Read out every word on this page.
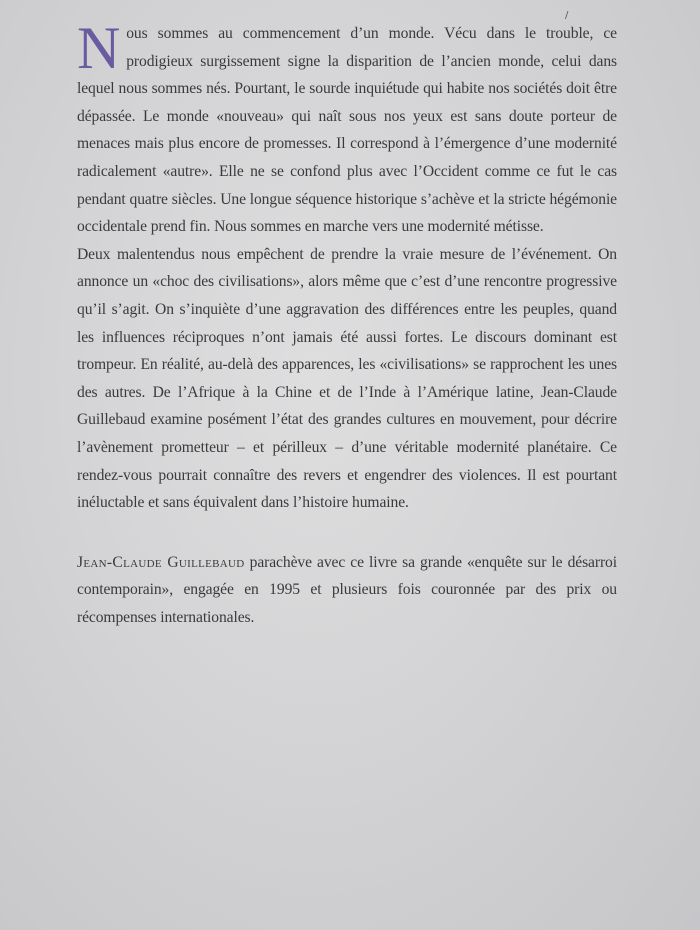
/

Nous sommes au commencement d’un monde. Vécu dans le trouble, ce prodigieux surgissement signe la disparition de l’ancien monde, celui dans lequel nous sommes nés. Pourtant, le sourde inquiétude qui habite nos sociétés doit être dépassée. Le monde «nouveau» qui naît sous nos yeux est sans doute porteur de menaces mais plus encore de promesses. Il correspond à l’émergence d’une modernité radicalement «autre». Elle ne se confond plus avec l’Occident comme ce fut le cas pendant quatre siècles. Une longue séquence historique s’achève et la stricte hégémonie occidentale prend fin. Nous sommes en marche vers une modernité métisse.

Deux malentendus nous empêchent de prendre la vraie mesure de l’événement. On annonce un «choc des civilisations», alors même que c’est d’une rencontre progressive qu’il s’agit. On s’inquiète d’une aggravation des différences entre les peuples, quand les influences réciproques n’ont jamais été aussi fortes. Le discours dominant est trompeur. En réalité, au-delà des apparences, les «civilisations» se rapprochent les unes des autres. De l’Afrique à la Chine et de l’Inde à l’Amérique latine, Jean-Claude Guillebaud examine posément l’état des grandes cultures en mouvement, pour décrire l’avènement prometteur – et périlleux – d’une véritable modernité planétaire. Ce rendez-vous pourrait connaître des revers et engendrer des violences. Il est pourtant inéluctable et sans équivalent dans l’histoire humaine.

Jean-Claude Guillebaud parachève avec ce livre sa grande «enquête sur le désarroi contemporain», engagée en 1995 et plusieurs fois couronnée par des prix ou récompenses internationales.
